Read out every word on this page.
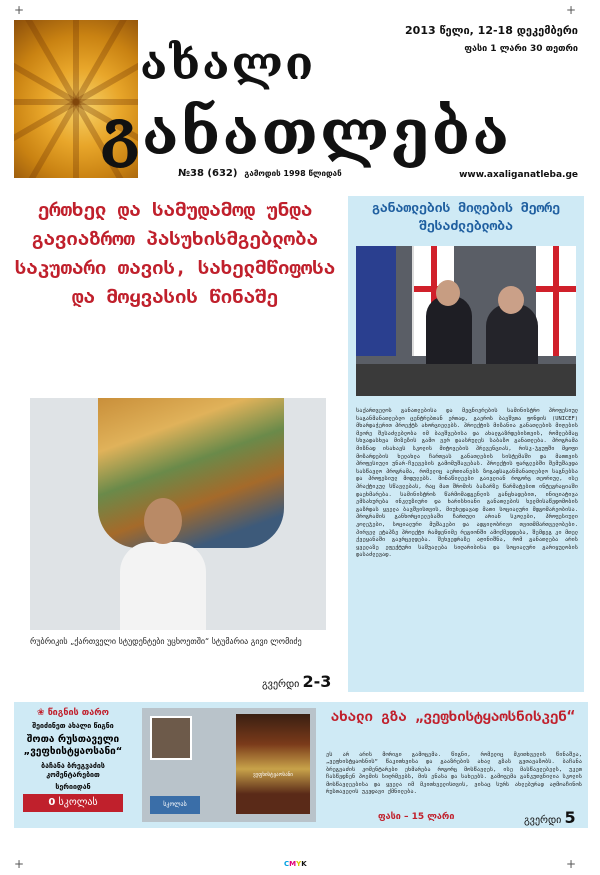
+	+
+	+
ახალი
განათლება
2013 წელი, 12-18 დეკემბერი
ფასი 1 ლარი 30 თეთრი
№38 (632) გამოდის 1998 წლიდან	www.axaliganatleba.ge
ერთხელ და სამუდამოდ უნდა გავიაზროთ პასუხისმგებლობა საკუთარი თავის, სახელმწიფოსა და მოყვასის წინაშე
რუბრიკის „ქართველი სტუდენტები უცხოეთში“ სტუმარია გივი ლომიძე
გვერდი 2-3
განათლების მიღების მეორე შესაძლებლობა
საქართველოს განათლებისა და მეცნიერების სამინისტრო პროფესიულ საგანმანათლებლო ცენტრებთან ერთად, გაეროს ბავშვთა ფონდის (UNICEF) მხარდაჭერით პროექტს ახორციელებს. პროექტის მიზანია განათლების მიღების მეორე შესაძლებლობა იმ ბავშვებისა და ახალგაზრდებისთვის, რომლებმაც სხვადასხვა მიზეზის გამო ვერ დაასრულეს საბაზო განათლება. პროგრამა მიზნად ისახავს სკოლის მიტოვების პრევენციას, რისკ-ჯგუფში მყოფი მოზარდების ხელახლა ჩართვას განათლების სისტემაში და მათთვის პროფესიული უნარ-ჩვევების გამომუშავებას. პროექტის ფარგლებში შემუშავდა სასწავლო პროგრამა, რომელიც აერთიანებს ზოგადსაგანმანათლებლო საგნებსა და პროფესიულ მოდულებს. მონაწილეები გაივლიან როგორც თეორიულ, ისე პრაქტიკულ სწავლებას, რაც მათ შრომის ბაზარზე წარმატებით ინტეგრაციაში დაეხმარება. სამინისტროს წარმომადგენლის განცხადებით, ინიციატივა ემსახურება ინკლუზიური და ხარისხიანი განათლების ხელმისაწვდომობის გაზრდას ყველა ბავშვისთვის, მიუხედავად მათი სოციალური მდგომარეობისა. პროგრამის განხორციელებაში ჩართული არიან სკოლები, პროფესიული კოლეჯები, სოციალური მუშაკები და ადგილობრივი თვითმმართველობები. პირველ ეტაპზე პროექტი რამდენიმე რეგიონში ამოქმედდება, შემდეგ კი მთელ ქვეყანაში გავრცელდება. შეხვედრაზე აღინიშნა, რომ განათლება არის ყველაზე ეფექტური საშუალება სიღარიბისა და სოციალური გარიყულობის დასაძლევად.
❀ წიგნის თარო
შეიძინეთ ახალი წიგნი
შოთა რუსთაველი „ვეფხისტყაოსანი“
ბაჩანა ბრეგვაძის კომენტარებით
სერიიდან
0 სკოლას
ვეფხისტყაოსანი
სკოლას
ახალი გზა „ვეფხისტყაოსნისკენ“
ეს არ არის მორიგი გამოცემა. წიგნი, რომელიც მკითხველის წინაშეა, „ვეფხისტყაოსნის“ წაკითხვისა და გააზრების ახალ გზას გვთავაზობს. ბაჩანა ბრეგვაძის კომენტარები ეხმარება როგორც მოსწავლეს, ისე მასწავლებელს, უკეთ ჩასწვდნენ პოემის სიღრმეებს, მის ენასა და სახეებს. გამოცემა განკუთვნილია სკოლის მოსწავლეებისა და ყველა იმ მკითხველისთვის, ვისაც სურს ახლებურად აღმოაჩინოს რუსთაველის უკვდავი ქმნილება.
ფასი – 15 ლარი	გვერდი 5
CMYK
